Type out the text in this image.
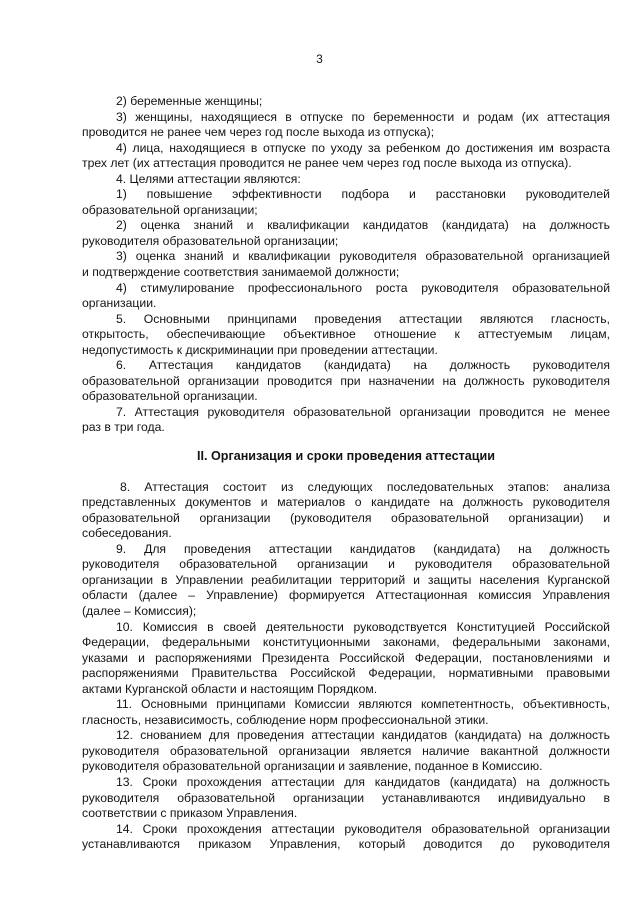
3
2) беременные женщины;
3) женщины, находящиеся в отпуске по беременности и родам (их аттестация
проводится не ранее чем через год после выхода из отпуска);
4) лица, находящиеся в отпуске по уходу за ребенком до достижения им возраста
трех лет (их аттестация проводится не ранее чем через год после выхода из отпуска).
4. Целями аттестации являются:
1) повышение эффективности подбора и расстановки руководителей
образовательной организации;
2) оценка знаний и квалификации кандидатов (кандидата) на должность
руководителя образовательной организации;
3) оценка знаний и квалификации руководителя образовательной организацией
и подтверждение соответствия занимаемой должности;
4) стимулирование профессионального роста руководителя образовательной
организации.
5. Основными принципами проведения аттестации являются гласность,
открытость, обеспечивающие объективное отношение к аттестуемым лицам,
недопустимость к дискриминации при проведении аттестации.
6. Аттестация кандидатов (кандидата) на должность руководителя
образовательной организации проводится при назначении на должность руководителя
образовательной организации.
7. Аттестация руководителя образовательной организации проводится не менее
раз в три года.
II. Организация и сроки проведения аттестации
8. Аттестация состоит из следующих последовательных этапов: анализа
представленных документов и материалов о кандидате на должность руководителя
образовательной организации (руководителя образовательной организации) и
собеседования.
9. Для проведения аттестации кандидатов (кандидата) на должность
руководителя образовательной организации и руководителя образовательной
организации в Управлении реабилитации территорий и защиты населения Курганской
области (далее – Управление) формируется Аттестационная комиссия Управления
(далее – Комиссия);
10. Комиссия в своей деятельности руководствуется Конституцией Российской
Федерации, федеральными конституционными законами, федеральными законами,
указами и распоряжениями Президента Российской Федерации, постановлениями и
распоряжениями Правительства Российской Федерации, нормативными правовыми
актами Курганской области и настоящим Порядком.
11. Основными принципами Комиссии являются компетентность, объективность,
гласность, независимость, соблюдение норм профессиональной этики.
12. снованием для проведения аттестации кандидатов (кандидата) на должность
руководителя образовательной организации является наличие вакантной должности
руководителя образовательной организации и заявление, поданное в Комиссию.
13. Сроки прохождения аттестации для кандидатов (кандидата) на должность
руководителя образовательной организации устанавливаются индивидуально в
соответствии с приказом Управления.
14. Сроки прохождения аттестации руководителя образовательной организации
устанавливаются приказом Управления, который доводится до руководителя
